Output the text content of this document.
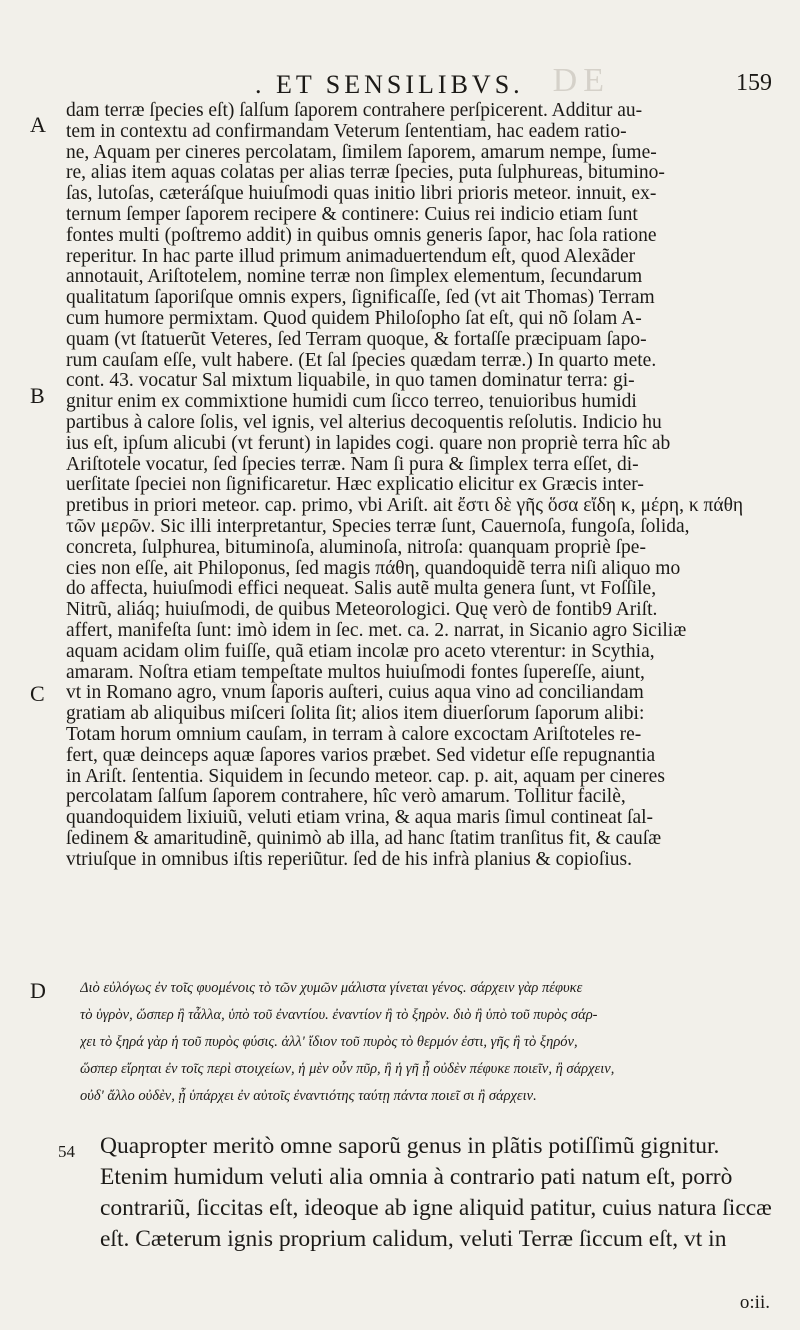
DE
. ET SENSILIBVS.	159
A
B
C
D
dam terræ ſpecies eſt) ſalſum ſaporem contrahere perſpicerent. Additur au-
tem in contextu ad confirmandam Veterum ſententiam, hac eadem ratio-
ne, Aquam per cineres percolatam, ſimilem ſaporem, amarum nempe, ſume-
re, alias item aquas colatas per alias terræ ſpecies, puta ſulphureas, bitumino-
ſas, lutoſas, cæteráſque huiuſmodi quas initio libri prioris meteor. innuit, ex-
ternum ſemper ſaporem recipere & continere: Cuius rei indicio etiam ſunt
fontes multi (poſtremo addit) in quibus omnis generis ſapor, hac ſola ratione
reperitur. In hac parte illud primum animaduertendum eſt, quod Alexãder
annotauit, Ariſtotelem, nomine terræ non ſimplex elementum, ſecundarum
qualitatum ſaporiſque omnis expers, ſignificaſſe, ſed (vt ait Thomas) Terram
cum humore permixtam. Quod quidem Philoſopho ſat eſt, qui nõ ſolam A-
quam (vt ſtatuerũt Veteres, ſed Terram quoque, & fortaſſe præcipuam ſapo-
rum cauſam eſſe, vult habere. (Et ſal ſpecies quædam terræ.) In quarto mete.
cont. 43. vocatur Sal mixtum liquabile, in quo tamen dominatur terra: gi-
gnitur enim ex commixtione humidi cum ſicco terreo, tenuioribus humidi
partibus à calore ſolis, vel ignis, vel alterius decoquentis reſolutis. Indicio hu
ius eſt, ipſum alicubi (vt ferunt) in lapides cogi. quare non propriè terra hîc ab
Ariſtotele vocatur, ſed ſpecies terræ. Nam ſi pura & ſimplex terra eſſet, di-
uerſitate ſpeciei non ſignificaretur. Hæc explicatio elicitur ex Græcis inter-
pretibus in priori meteor. cap. primo, vbi Ariſt. ait ἔστι δὲ γῆς ὅσα εἴδη κ, μέρη, κ πάθη
τῶν μερῶν. Sic illi interpretantur, Species terræ ſunt, Cauernoſa, fungoſa, ſolida,
concreta, ſulphurea, bituminoſa, aluminoſa, nitroſa: quanquam propriè ſpe-
cies non eſſe, ait Philoponus, ſed magis πάθη, quandoquidẽ terra niſi aliquo mo
do affecta, huiuſmodi effici nequeat. Salis autẽ multa genera ſunt, vt Foſſile,
Nitrũ, aliáq; huiuſmodi, de quibus Meteorologici. Quę verò de fontib9 Ariſt.
affert, manifeſta ſunt: imò idem in ſec. met. ca. 2. narrat, in Sicanio agro Siciliæ
aquam acidam olim fuiſſe, quã etiam incolæ pro aceto vterentur: in Scythia,
amaram. Noſtra etiam tempeſtate multos huiuſmodi fontes ſupereſſe, aiunt,
vt in Romano agro, vnum ſaporis auſteri, cuius aqua vino ad conciliandam
gratiam ab aliquibus miſceri ſolita ſit; alios item diuerſorum ſaporum alibi:
Totam horum omnium cauſam, in terram à calore excoctam Ariſtoteles re-
fert, quæ deinceps aquæ ſapores varios præbet. Sed videtur eſſe repugnantia
in Ariſt. ſententia. Siquidem in ſecundo meteor. cap. p. ait, aquam per cineres
percolatam ſalſum ſaporem contrahere, hîc verò amarum. Tollitur facilè,
quandoquidem lixiuiũ, veluti etiam vrina, & aqua maris ſimul contineat ſal-
ſedinem & amaritudinẽ, quinimò ab illa, ad hanc ſtatim tranſitus fit, & cauſæ
vtriuſque in omnibus iſtis reperiũtur. ſed de his infrà planius & copioſius.
Διὸ εὐλόγως ἐν τοῖς φυομένοις τὸ τῶν χυμῶν μάλιστα γίνεται γένος. σάρχειν γὰρ πέφυκε
τὸ ὑγρὸν, ὥσπερ ἢ τἆλλα, ὑπὸ τοῦ ἐναντίου. ἐναντίον ἢ τὸ ξηρὸν. διὸ ἢ ὑπὸ τοῦ πυρὸς σάρ-
χει τὸ ξηρά γὰρ ἡ τοῦ πυρὸς φύσις. ἀλλ' ἴδιον τοῦ πυρὸς τὸ θερμόν ἐστι, γῆς ἢ τὸ ξηρόν,
ὥσπερ εἴρηται ἐν τοῖς περὶ στοιχείων, ἡ μὲν οὖν πῦρ, ἢ ἡ γῆ ᾗ οὐδὲν πέφυκε ποιεῖν, ἢ σάρχειν,
οὐδ' ἄλλο οὐδὲν, ᾗ ὑπάρχει ἐν αὐτοῖς ἐναντιότης ταύτῃ πάντα ποιεῖ σι ἢ σάρχειν.
54 Quapropter meritò omne saporũ genus in plãtis potiſſimũ gignitur.
Etenim humidum veluti alia omnia à contrario pati natum eſt, porrò
contrariũ, ſiccitas eſt, ideoque ab igne aliquid patitur, cuius natura ſiccæ
eſt. Cæterum ignis proprium calidum, veluti Terræ ſiccum eſt, vt in
o:ii.
